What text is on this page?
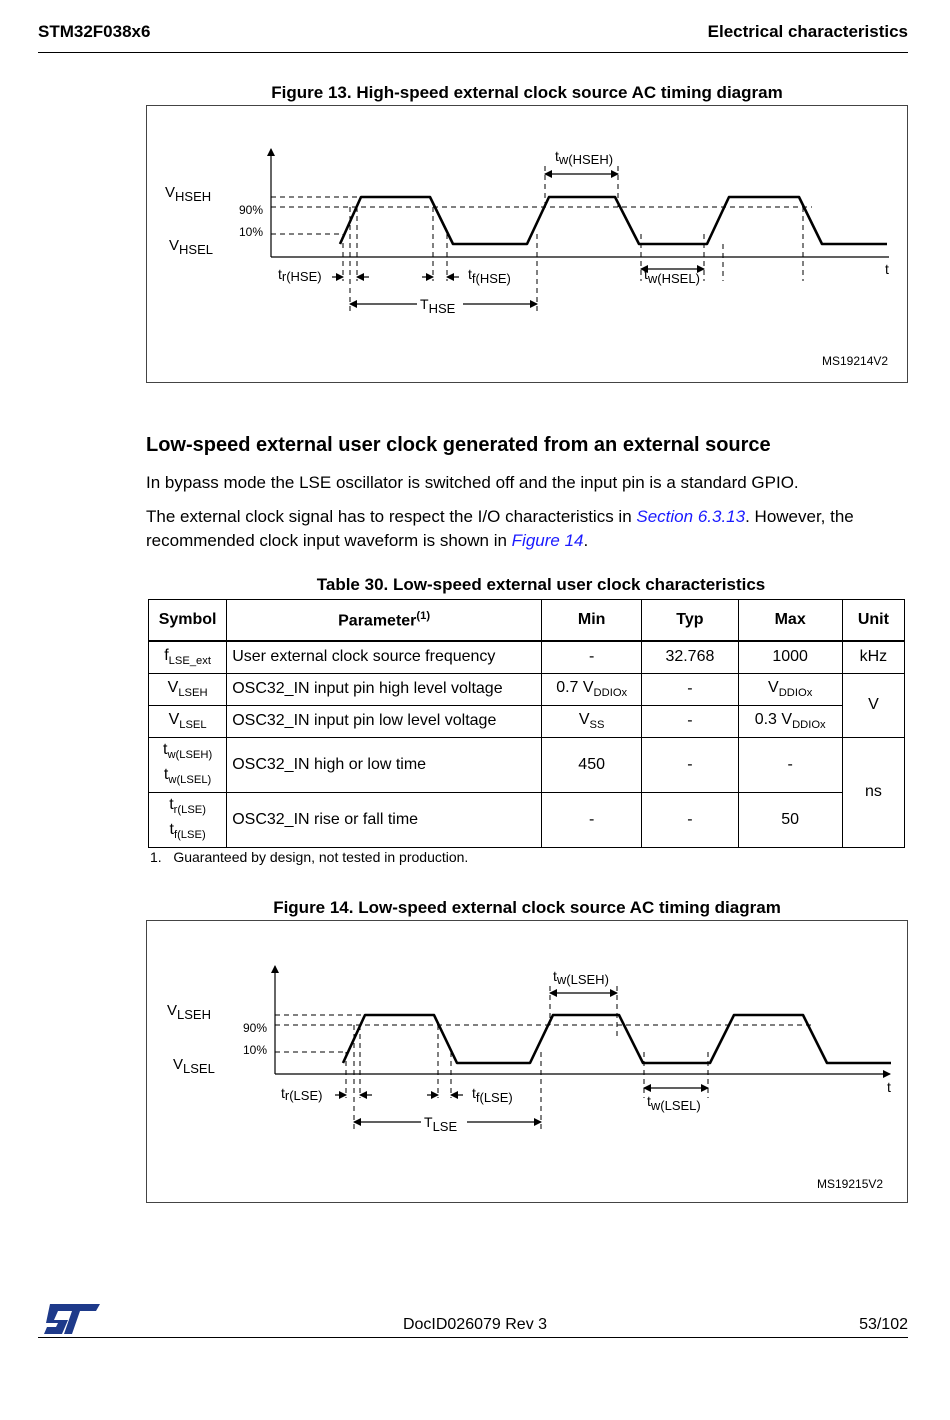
STM32F038x6	Electrical characteristics
Figure 13. High-speed external clock source AC timing diagram
VHSEH
VHSEL
90%
10%
tr(HSE)	tf(HSE)
THSE
tw(HSEH)
tw(HSEL)
t
MS19214V2
Low-speed external user clock generated from an external source
In bypass mode the LSE oscillator is switched off and the input pin is a standard GPIO.
The external clock signal has to respect the I/O characteristics in Section 6.3.13. However, the recommended clock input waveform is shown in Figure 14.
Table 30. Low-speed external user clock characteristics
Symbol	Parameter$^{(1)}$	Min	Typ	Max	Unit
$f_{LSE\_ext}$	User external clock source frequency	-	32.768	1000	kHz
$V_{LSEH}$	OSC32_IN input pin high level voltage	0.7 $V_{DDIOx}$	-	$V_{DDIOx}$	V
$V_{LSEL}$	OSC32_IN input pin low level voltage	$V_{SS}$	-	0.3 $V_{DDIOx}$

$t_{w(LSEH)}$
$t_{w(LSEL)}$	OSC32_IN high or low time	450	-	-	ns

$t_{r(LSE)}$
$t_{f(LSE)}$	OSC32_IN rise or fall time	-	-	50	
1.   Guaranteed by design, not tested in production.
Figure 14. Low-speed external clock source AC timing diagram
VLSEH
VLSEL
90%
10%
tr(LSE)	tf(LSE)
TLSE
tw(LSEH)
tw(LSEL)
t
MS19215V2
DocID026079 Rev 3	53/102
